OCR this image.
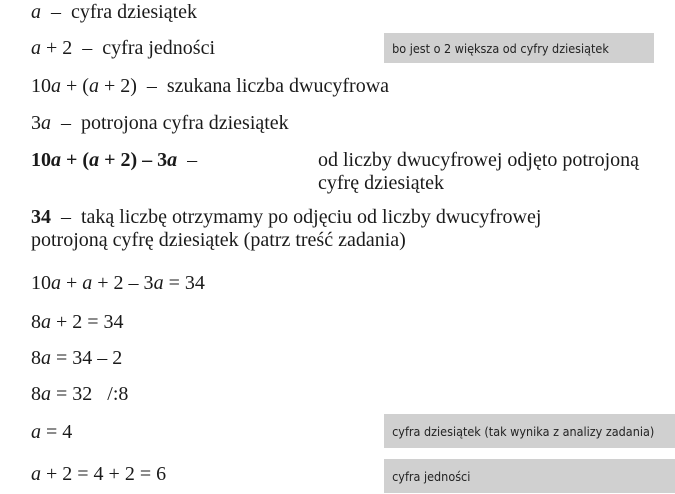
a  –  cyfra dziesiątek
a + 2  –  cyfra jedności
10a + (a + 2)  –  szukana liczba dwucyfrowa
3a  –  potrojona cyfra dziesiątek
10a + (a + 2) – 3a  –	od liczby dwucyfrowej odjęto potrojoną cyfrę dziesiątek
34  –  taką liczbę otrzymamy po odjęciu od liczby dwucyfrowej
potrojoną cyfrę dziesiątek (patrz treść zadania)
10a + a + 2 – 3a = 34
8a + 2 = 34
8a = 34 – 2
8a = 32   /:8
a = 4
a + 2 = 4 + 2 = 6
bo jest o 2 większa od cyfry dziesiątek
cyfra dziesiątek (tak wynika z analizy zadania)
cyfra jedności
